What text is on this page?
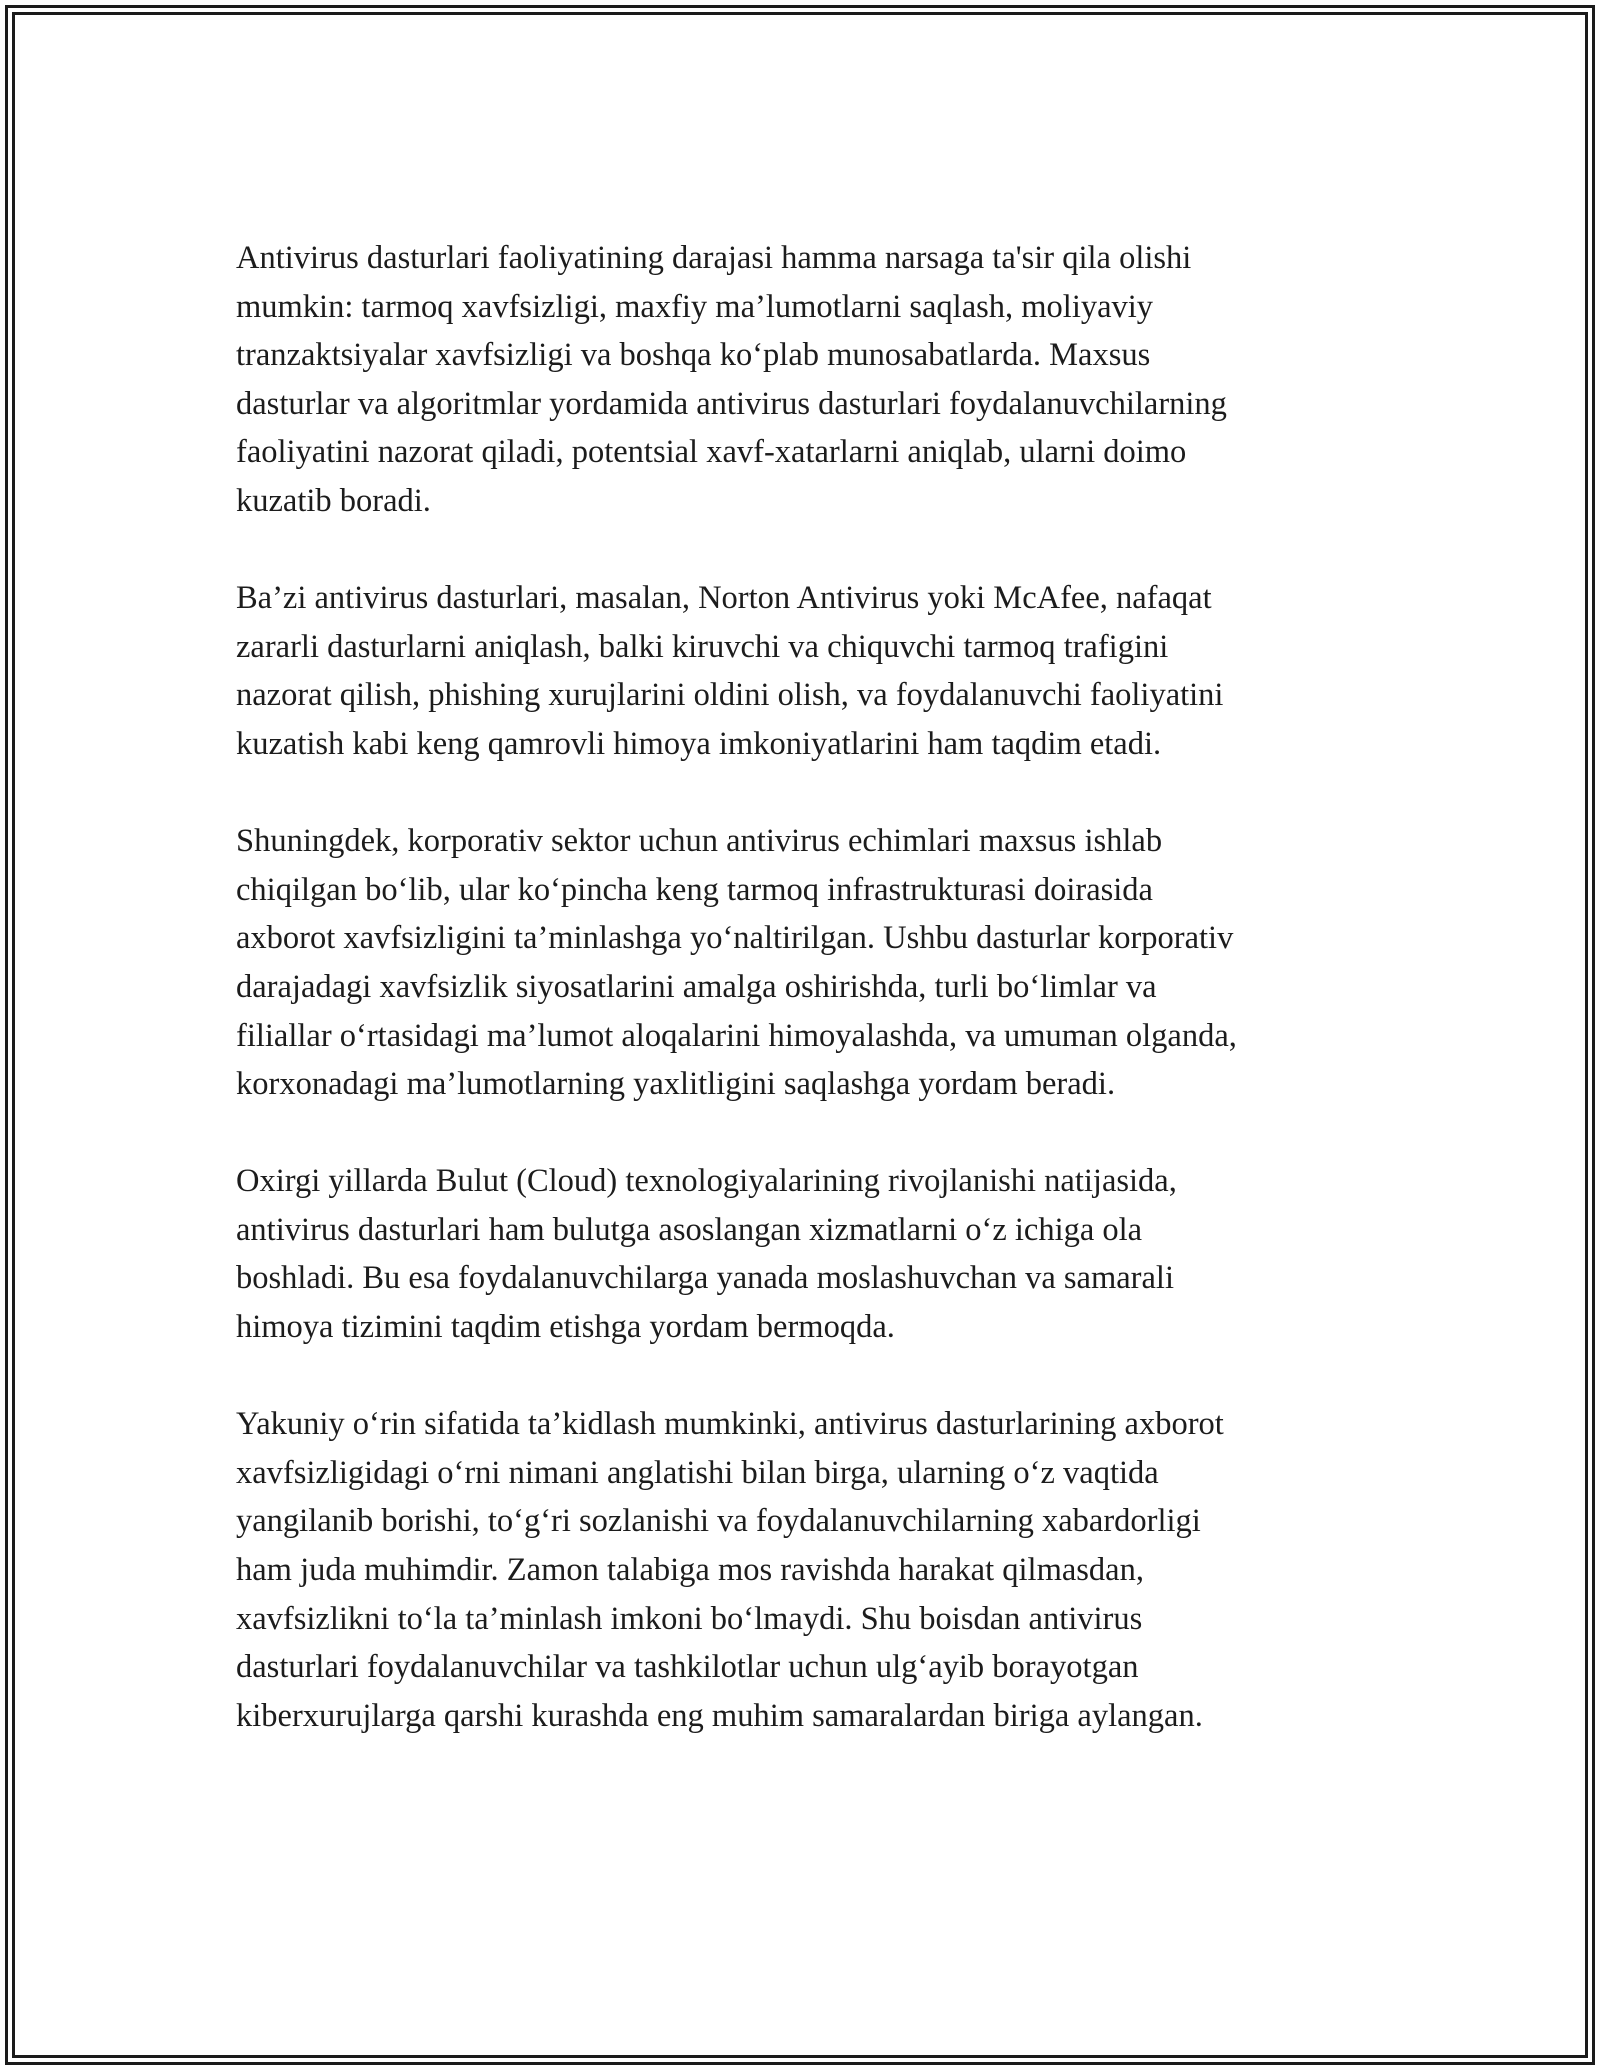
Antivirus dasturlari faoliyatining darajasi hamma narsaga ta'sir qila olishi
mumkin: tarmoq xavfsizligi, maxfiy ma’lumotlarni saqlash, moliyaviy
tranzaktsiyalar xavfsizligi va boshqa ko‘plab munosabatlarda. Maxsus
dasturlar va algoritmlar yordamida antivirus dasturlari foydalanuvchilarning
faoliyatini nazorat qiladi, potentsial xavf-xatarlarni aniqlab, ularni doimo
kuzatib boradi.

Ba’zi antivirus dasturlari, masalan, Norton Antivirus yoki McAfee, nafaqat
zararli dasturlarni aniqlash, balki kiruvchi va chiquvchi tarmoq trafigini
nazorat qilish, phishing xurujlarini oldini olish, va foydalanuvchi faoliyatini
kuzatish kabi keng qamrovli himoya imkoniyatlarini ham taqdim etadi.

Shuningdek, korporativ sektor uchun antivirus echimlari maxsus ishlab
chiqilgan bo‘lib, ular ko‘pincha keng tarmoq infrastrukturasi doirasida
axborot xavfsizligini ta’minlashga yo‘naltirilgan. Ushbu dasturlar korporativ
darajadagi xavfsizlik siyosatlarini amalga oshirishda, turli bo‘limlar va
filiallar o‘rtasidagi ma’lumot aloqalarini himoyalashda, va umuman olganda,
korxonadagi ma’lumotlarning yaxlitligini saqlashga yordam beradi.

Oxirgi yillarda Bulut (Cloud) texnologiyalarining rivojlanishi natijasida,
antivirus dasturlari ham bulutga asoslangan xizmatlarni o‘z ichiga ola
boshladi. Bu esa foydalanuvchilarga yanada moslashuvchan va samarali
himoya tizimini taqdim etishga yordam bermoqda.

Yakuniy o‘rin sifatida ta’kidlash mumkinki, antivirus dasturlarining axborot
xavfsizligidagi o‘rni nimani anglatishi bilan birga, ularning o‘z vaqtida
yangilanib borishi, to‘g‘ri sozlanishi va foydalanuvchilarning xabardorligi
ham juda muhimdir. Zamon talabiga mos ravishda harakat qilmasdan,
xavfsizlikni to‘la ta’minlash imkoni bo‘lmaydi. Shu boisdan antivirus
dasturlari foydalanuvchilar va tashkilotlar uchun ulg‘ayib borayotgan
kiberxurujlarga qarshi kurashda eng muhim samaralardan biriga aylangan.
